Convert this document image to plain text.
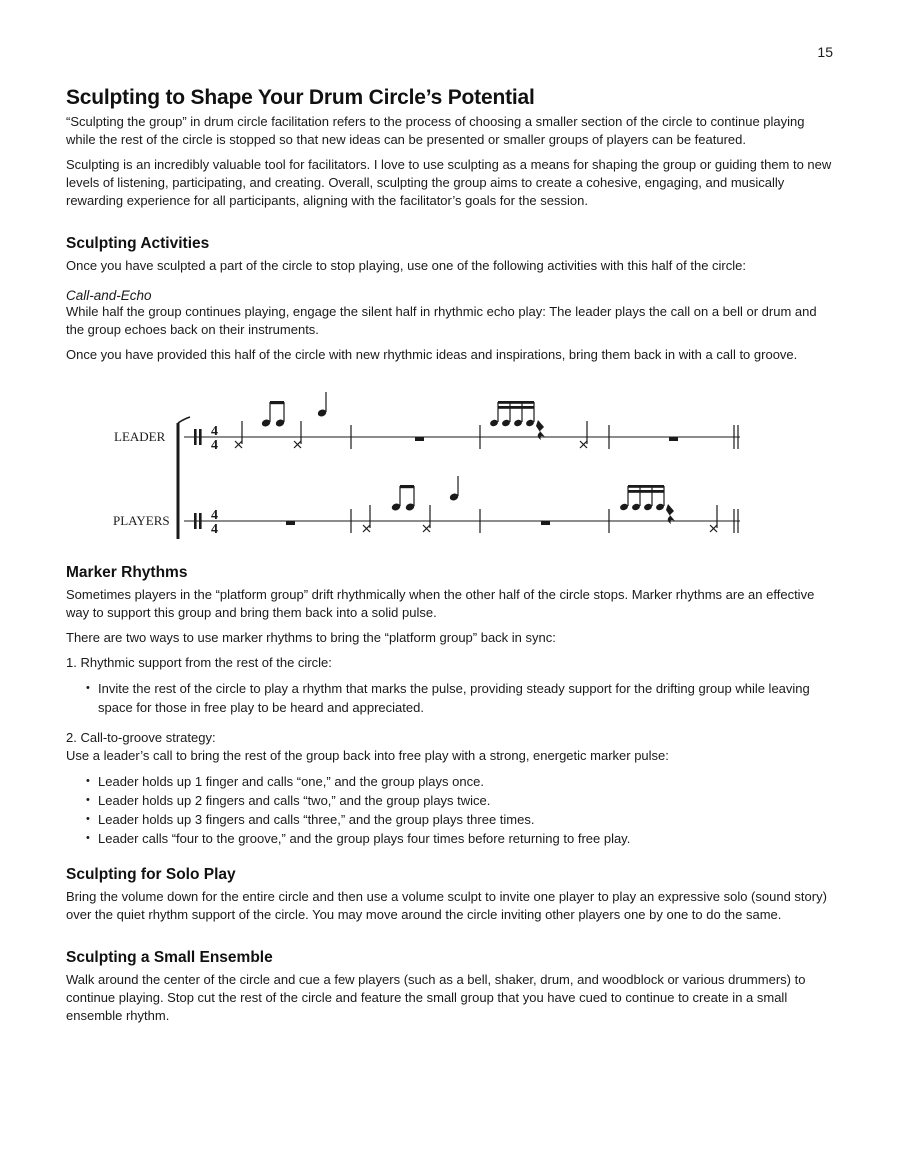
15
Sculpting to Shape Your Drum Circle’s Potential

“Sculpting the group” in drum circle facilitation refers to the process of choosing a smaller section of the circle to continue playing while the rest of the circle is stopped so that new ideas can be presented or smaller groups of players can be featured.

Sculpting is an incredibly valuable tool for facilitators. I love to use sculpting as a means for shaping the group or guiding them to new levels of listening, participating, and creating. Overall, sculpting the group aims to create a cohesive, engaging, and musically rewarding experience for all participants, aligning with the facilitator’s goals for the session.

Sculpting Activities

Once you have sculpted a part of the circle to stop playing, use one of the following activities with this half of the circle:

Call-and-Echo

While half the group continues playing, engage the silent half in rhythmic echo play: The leader plays the call on a bell or drum and the group echoes back on their instruments.

Once you have provided this half of the circle with new rhythmic ideas and inspirations, bring them back in with a call to groove.

LEADER
PLAYERS
4
4
4
4
Marker Rhythms

Sometimes players in the “platform group” drift rhythmically when the other half of the circle stops. Marker rhythms are an effective way to support this group and bring them back into a solid pulse.

There are two ways to use marker rhythms to bring the “platform group” back in sync:

1. Rhythmic support from the rest of the circle:

• Invite the rest of the circle to play a rhythm that marks the pulse, providing steady support for the drifting group while leaving space for those in free play to be heard and appreciated.

2. Call-to-groove strategy:

Use a leader’s call to bring the rest of the group back into free play with a strong, energetic marker pulse:

• Leader holds up 1 finger and calls “one,” and the group plays once.
• Leader holds up 2 fingers and calls “two,” and the group plays twice.
• Leader holds up 3 fingers and calls “three,” and the group plays three times.
• Leader calls “four to the groove,” and the group plays four times before returning to free play.
Sculpting for Solo Play

Bring the volume down for the entire circle and then use a volume sculpt to invite one player to play an expressive solo (sound story) over the quiet rhythm support of the circle. You may move around the circle inviting other players one by one to do the same.

Sculpting a Small Ensemble

Walk around the center of the circle and cue a few players (such as a bell, shaker, drum, and woodblock or various drummers) to continue playing. Stop cut the rest of the circle and feature the small group that you have cued to continue to create in a small ensemble rhythm.
